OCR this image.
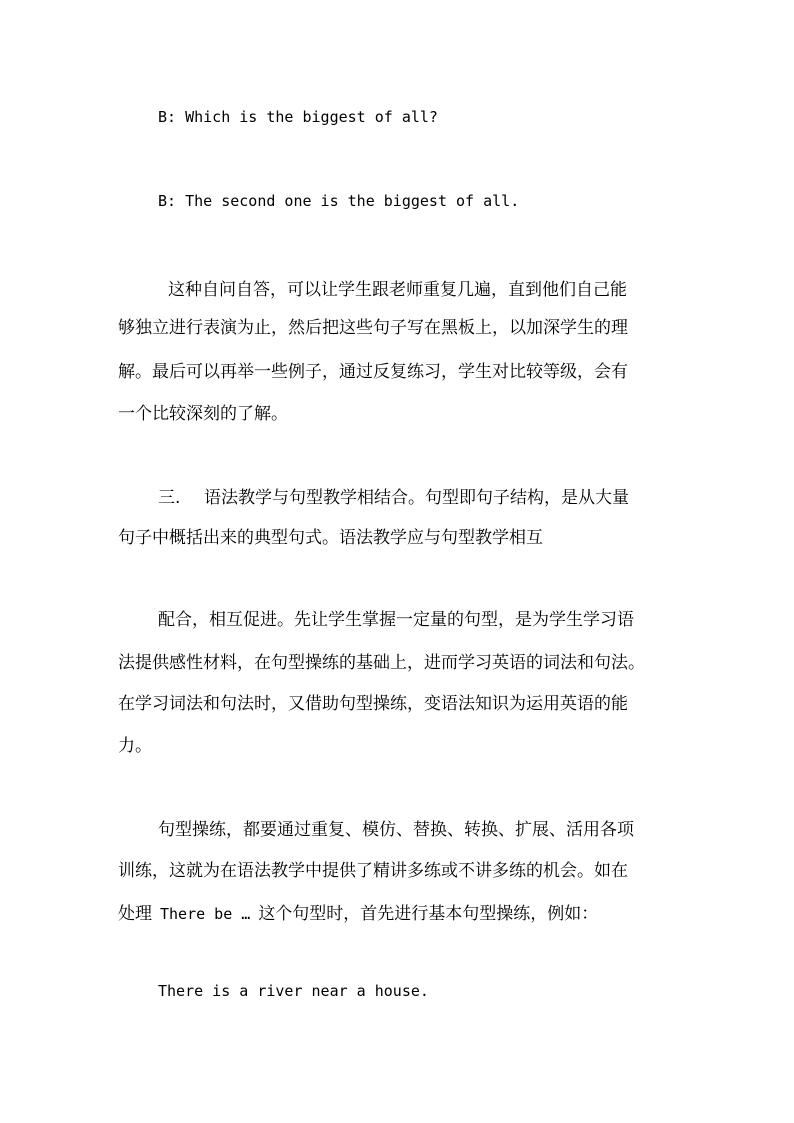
B: Which is the biggest of all?
B: The second one is the biggest of all.
这种自问自答，可以让学生跟老师重复几遍，直到他们自己能
够独立进行表演为止，然后把这些句子写在黑板上，以加深学生的理
解。最后可以再举一些例子，通过反复练习，学生对比较等级，会有
一个比较深刻的了解。
三.	语法教学与句型教学相结合。句型即句子结构，是从大量
句子中概括出来的典型句式。语法教学应与句型教学相互
配合，相互促进。先让学生掌握一定量的句型，是为学生学习语
法提供感性材料，在句型操练的基础上，进而学习英语的词法和句法。
在学习词法和句法时，又借助句型操练，变语法知识为运用英语的能
力。
句型操练，都要通过重复、模仿、替换、转换、扩展、活用各项
训练，这就为在语法教学中提供了精讲多练或不讲多练的机会。如在
处理 There be … 这个句型时，首先进行基本句型操练，例如：
There is a river near a house.
